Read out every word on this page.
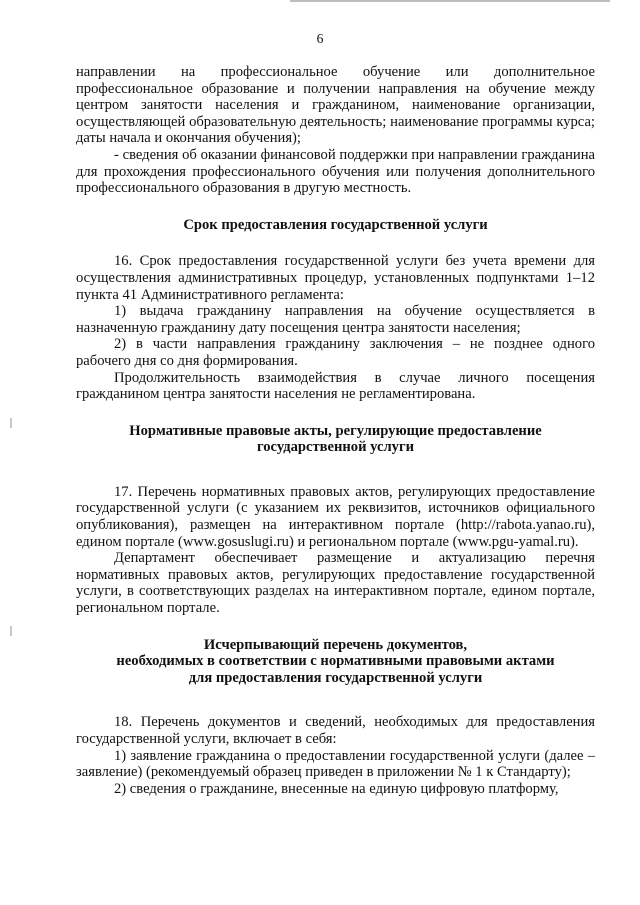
6

направлении на профессиональное обучение или дополнительное профессиональное образование и получении направления на обучение между центром занятости населения и гражданином, наименование организации, осуществляющей образовательную деятельность; наименование программы курса; даты начала и окончания обучения);

- сведения об оказании финансовой поддержки при направлении гражданина для прохождения профессионального обучения или получения дополнительного профессионального образования в другую местность.

Срок предоставления государственной услуги

16. Срок предоставления государственной услуги без учета времени для осуществления административных процедур, установленных подпунктами 1–12 пункта 41 Административного регламента:

1) выдача гражданину направления на обучение осуществляется в назначенную гражданину дату посещения центра занятости населения;

2) в части направления гражданину заключения – не позднее одного рабочего дня со дня формирования.

Продолжительность взаимодействия в случае личного посещения гражданином центра занятости населения не регламентирована.

Нормативные правовые акты, регулирующие предоставление

государственной услуги

17. Перечень нормативных правовых актов, регулирующих предоставление государственной услуги (с указанием их реквизитов, источников официального опубликования), размещен на интерактивном портале (http://rabota.yanao.ru), едином портале (www.gosuslugi.ru) и региональном портале (www.pgu-yamal.ru).

Департамент обеспечивает размещение и актуализацию перечня нормативных правовых актов, регулирующих предоставление государственной услуги, в соответствующих разделах на интерактивном портале, едином портале, региональном портале.

Исчерпывающий перечень документов,

необходимых в соответствии с нормативными правовыми актами

для предоставления государственной услуги

18. Перечень документов и сведений, необходимых для предоставления государственной услуги, включает в себя:

1) заявление гражданина о предоставлении государственной услуги (далее – заявление) (рекомендуемый образец приведен в приложении № 1 к Стандарту);

2) сведения о гражданине, внесенные на единую цифровую платформу,
